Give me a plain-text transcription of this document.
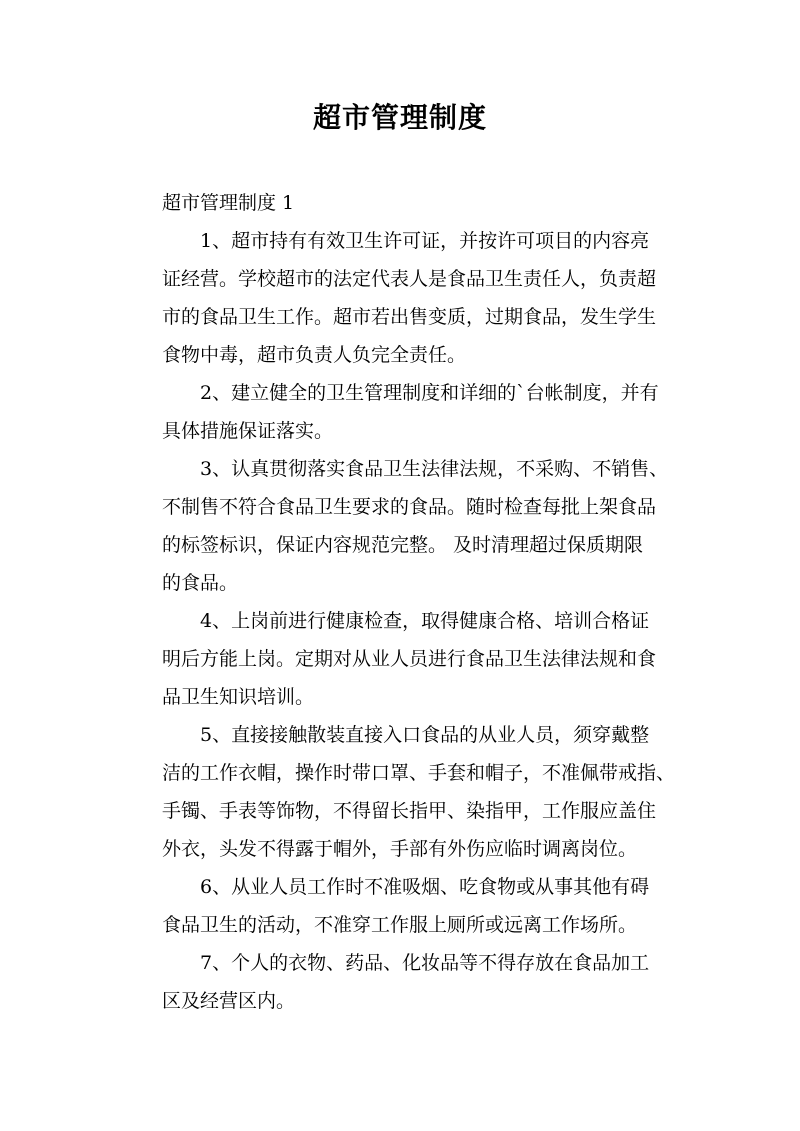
超市管理制度

超市管理制度 1

1、超市持有有效卫生许可证，并按许可项目的内容亮
证经营。学校超市的法定代表人是食品卫生责任人，负责超
市的食品卫生工作。超市若出售变质，过期食品，发生学生
食物中毒，超市负责人负完全责任。
2、建立健全的卫生管理制度和详细的`台帐制度，并有
具体措施保证落实。
3、认真贯彻落实食品卫生法律法规，不采购、不销售、
不制售不符合食品卫生要求的食品。随时检查每批上架食品
的标签标识，保证内容规范完整。 及时清理超过保质期限
的食品。
4、上岗前进行健康检查，取得健康合格、培训合格证
明后方能上岗。定期对从业人员进行食品卫生法律法规和食
品卫生知识培训。
5、直接接触散装直接入口食品的从业人员，须穿戴整
洁的工作衣帽，操作时带口罩、手套和帽子，不准佩带戒指、
手镯、手表等饰物，不得留长指甲、染指甲，工作服应盖住
外衣，头发不得露于帽外，手部有外伤应临时调离岗位。
6、从业人员工作时不准吸烟、吃食物或从事其他有碍
食品卫生的活动，不准穿工作服上厕所或远离工作场所。
7、个人的衣物、药品、化妆品等不得存放在食品加工
区及经营区内。
